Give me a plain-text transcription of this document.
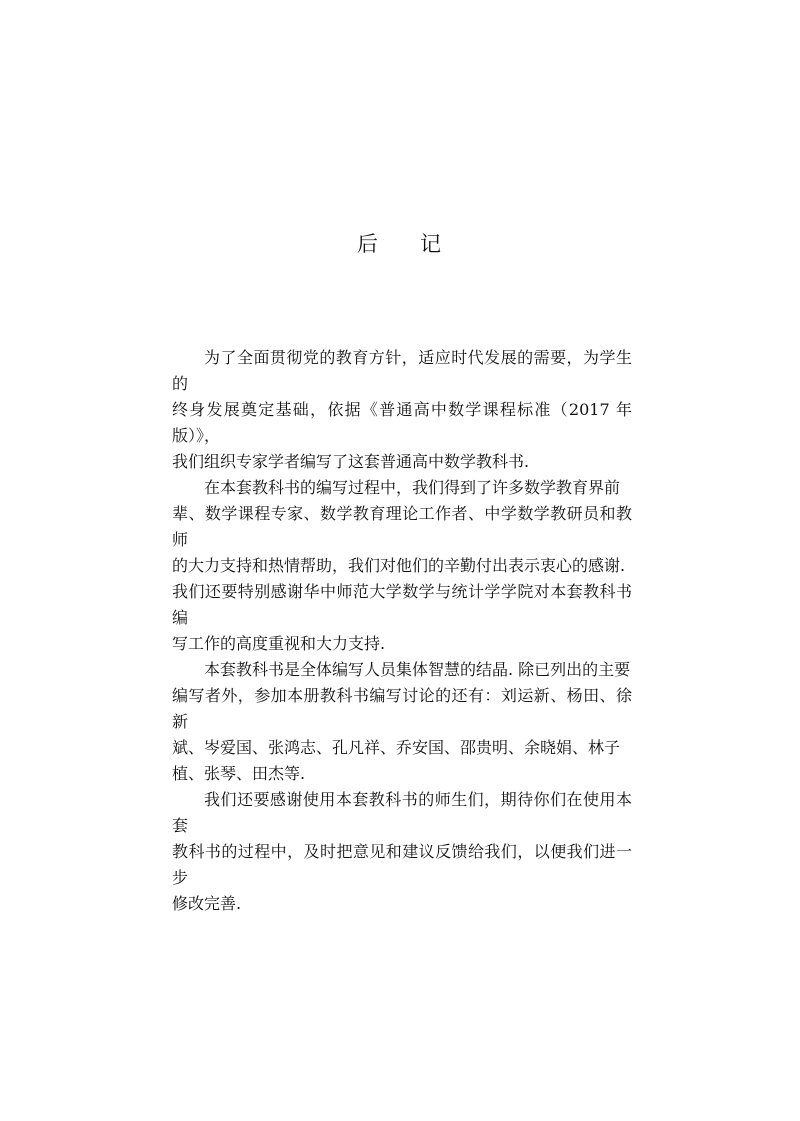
后 记

为了全面贯彻党的教育方针，适应时代发展的需要，为学生的
终身发展奠定基础，依据《普通高中数学课程标准（2017 年版）》，
我们组织专家学者编写了这套普通高中数学教科书.

在本套教科书的编写过程中，我们得到了许多数学教育界前
辈、数学课程专家、数学教育理论工作者、中学数学教研员和教师
的大力支持和热情帮助，我们对他们的辛勤付出表示衷心的感谢.
我们还要特别感谢华中师范大学数学与统计学学院对本套教科书编
写工作的高度重视和大力支持.

本套教科书是全体编写人员集体智慧的结晶. 除已列出的主要
编写者外，参加本册教科书编写讨论的还有：刘运新、杨田、徐新
斌、岑爱国、张鸿志、孔凡祥、乔安国、邵贵明、余晓娟、林子
植、张琴、田杰等.

我们还要感谢使用本套教科书的师生们，期待你们在使用本套
教科书的过程中，及时把意见和建议反馈给我们，以便我们进一步
修改完善.
